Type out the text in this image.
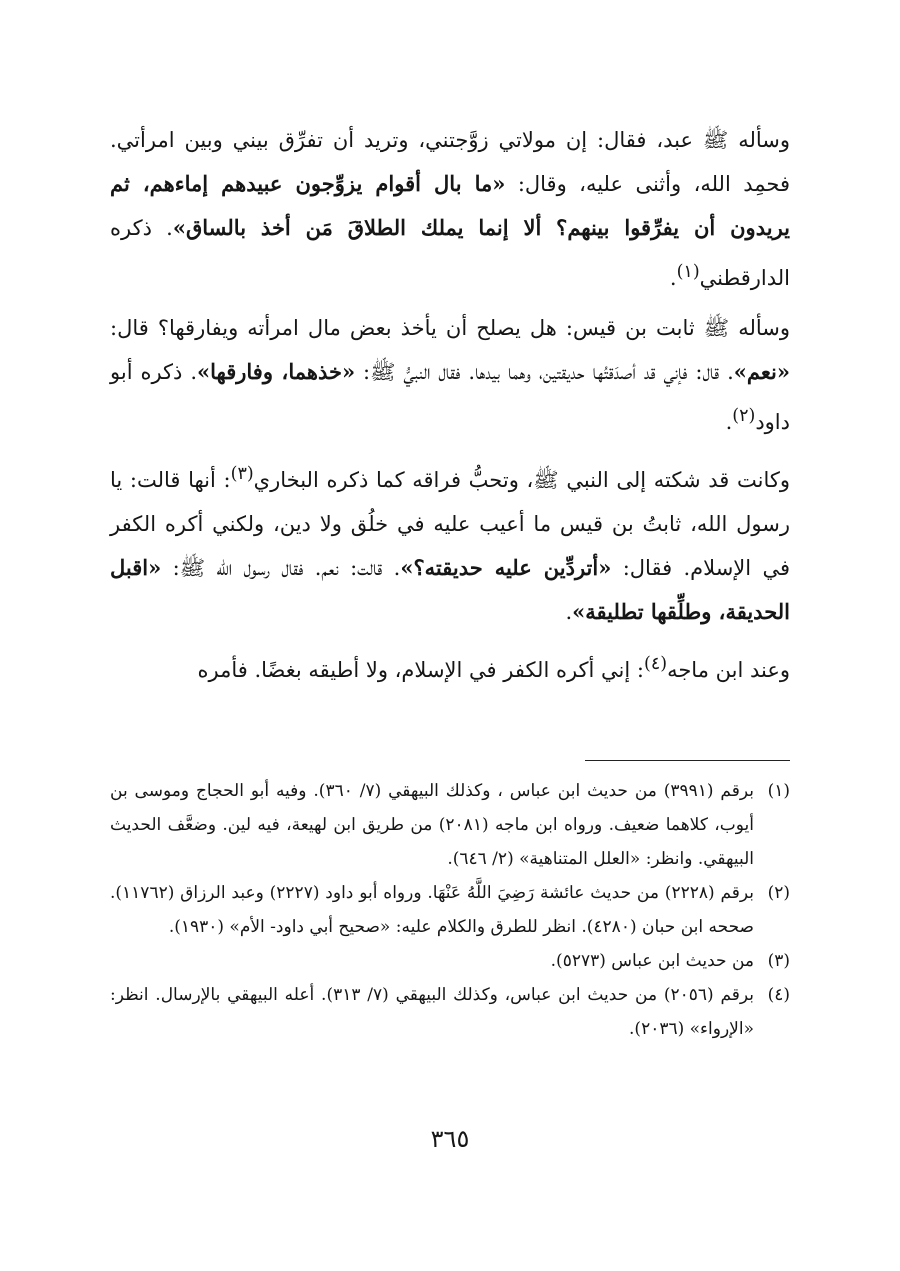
وسأله ﷺ عبد، فقال: إن مولاتي زوَّجتني، وتريد أن تفرِّق بيني وبين امرأتي. فحمِد الله، وأثنى عليه، وقال: «ما بال أقوام يزوِّجون عبيدهم إماءهم، ثم يريدون أن يفرِّقوا بينهم؟ ألا إنما يملك الطلاقَ مَن أخذ بالساق». ذكره الدارقطني$^{(١)}$.

وسأله ﷺ ثابت بن قيس: هل يصلح أن يأخذ بعض مال امرأته ويفارقها؟ قال: «نعم». قال: فإني قد أصدَقتُها حديقتين، وهما بيدها. فقال النبيُّ ﷺ: «خذهما، وفارقها». ذكره أبو داود$^{(٢)}$.

وكانت قد شكته إلى النبي ﷺ، وتحبُّ فراقه كما ذكره البخاري$^{(٣)}$: أنها قالت: يا رسول الله، ثابتُ بن قيس ما أعيب عليه في خلُق ولا دين، ولكني أكره الكفر في الإسلام. فقال: «أتردِّين عليه حديقته؟». قالت: نعم. فقال رسول الله ﷺ: «اقبل الحديقة، وطلِّقها تطليقة».

وعند ابن ماجه$^{(٤)}$: إني أكره الكفر في الإسلام، ولا أطيقه بغضًا. فأمره

(١)
برقم (٣٩٩١) من حديث ابن عباس ، وكذلك البيهقي (٧/ ٣٦٠). وفيه أبو الحجاج وموسى بن أيوب، كلاهما ضعيف. ورواه ابن ماجه (٢٠٨١) من طريق ابن لهيعة، فيه لين. وضعَّف الحديث البيهقي. وانظر: «العلل المتناهية» (٢/ ٦٤٦).
(٢)
برقم (٢٢٢٨) من حديث عائشة رَضِيَ اللَّهُ عَنْهَا. ورواه أبو داود (٢٢٢٧) وعبد الرزاق (١١٧٦٢). صححه ابن حبان (٤٢٨٠). انظر للطرق والكلام عليه: «صحيح أبي داود- الأم» (١٩٣٠).
(٣)
من حديث ابن عباس (٥٢٧٣).
(٤)
برقم (٢٠٥٦) من حديث ابن عباس، وكذلك البيهقي (٧/ ٣١٣). أعله البيهقي بالإرسال. انظر: «الإرواء» (٢٠٣٦).
٣٦٥
